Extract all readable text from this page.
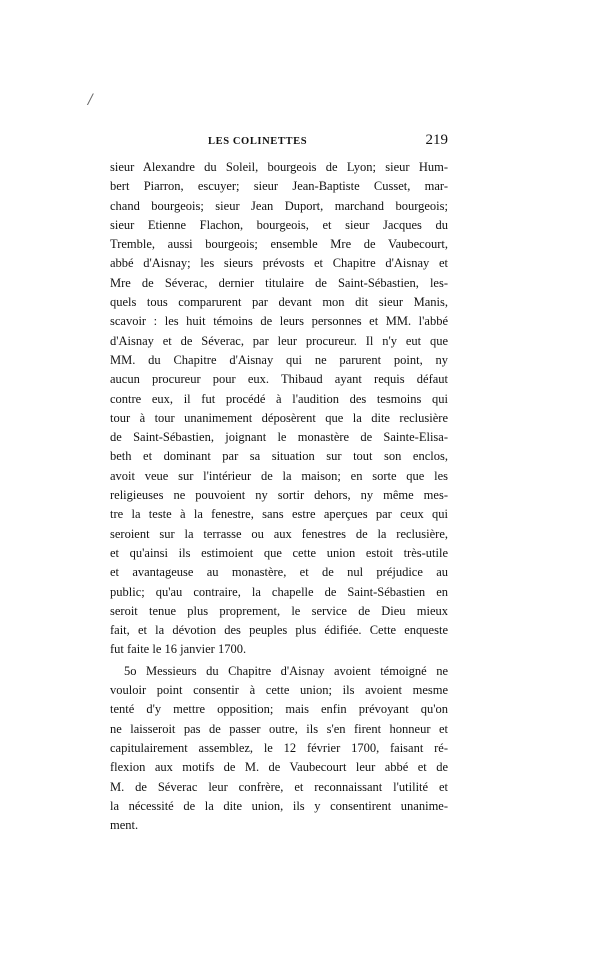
/
LES COLINETTES	219
sieur Alexandre du Soleil, bourgeois de Lyon; sieur Hum-
bert Piarron, escuyer; sieur Jean-Baptiste Cusset, mar-
chand bourgeois; sieur Jean Duport, marchand bourgeois;
sieur Etienne Flachon, bourgeois, et sieur Jacques du
Tremble, aussi bourgeois; ensemble Mre de Vaubecourt,
abbé d'Aisnay; les sieurs prévosts et Chapitre d'Aisnay et
Mre de Séverac, dernier titulaire de Saint-Sébastien, les-
quels tous comparurent par devant mon dit sieur Manis,
scavoir : les huit témoins de leurs personnes et MM. l'abbé
d'Aisnay et de Séverac, par leur procureur. Il n'y eut que
MM. du Chapitre d'Aisnay qui ne parurent point, ny
aucun procureur pour eux. Thibaud ayant requis défaut
contre eux, il fut procédé à l'audition des tesmoins qui
tour à tour unanimement déposèrent que la dite reclusière
de Saint-Sébastien, joignant le monastère de Sainte-Elisa-
beth et dominant par sa situation sur tout son enclos,
avoit veue sur l'intérieur de la maison; en sorte que les
religieuses ne pouvoient ny sortir dehors, ny même mes-
tre la teste à la fenestre, sans estre aperçues par ceux qui
seroient sur la terrasse ou aux fenestres de la reclusière,
et qu'ainsi ils estimoient que cette union estoit très-utile
et avantageuse au monastère, et de nul préjudice au
public; qu'au contraire, la chapelle de Saint-Sébastien en
seroit tenue plus proprement, le service de Dieu mieux
fait, et la dévotion des peuples plus édifiée. Cette enqueste
fut faite le 16 janvier 1700.
5o Messieurs du Chapitre d'Aisnay avoient témoigné ne
vouloir point consentir à cette union; ils avoient mesme
tenté d'y mettre opposition; mais enfin prévoyant qu'on
ne laisseroit pas de passer outre, ils s'en firent honneur et
capitulairement assemblez, le 12 février 1700, faisant ré-
flexion aux motifs de M. de Vaubecourt leur abbé et de
M. de Séverac leur confrère, et reconnaissant l'utilité et
la nécessité de la dite union, ils y consentirent unanime-
ment.
